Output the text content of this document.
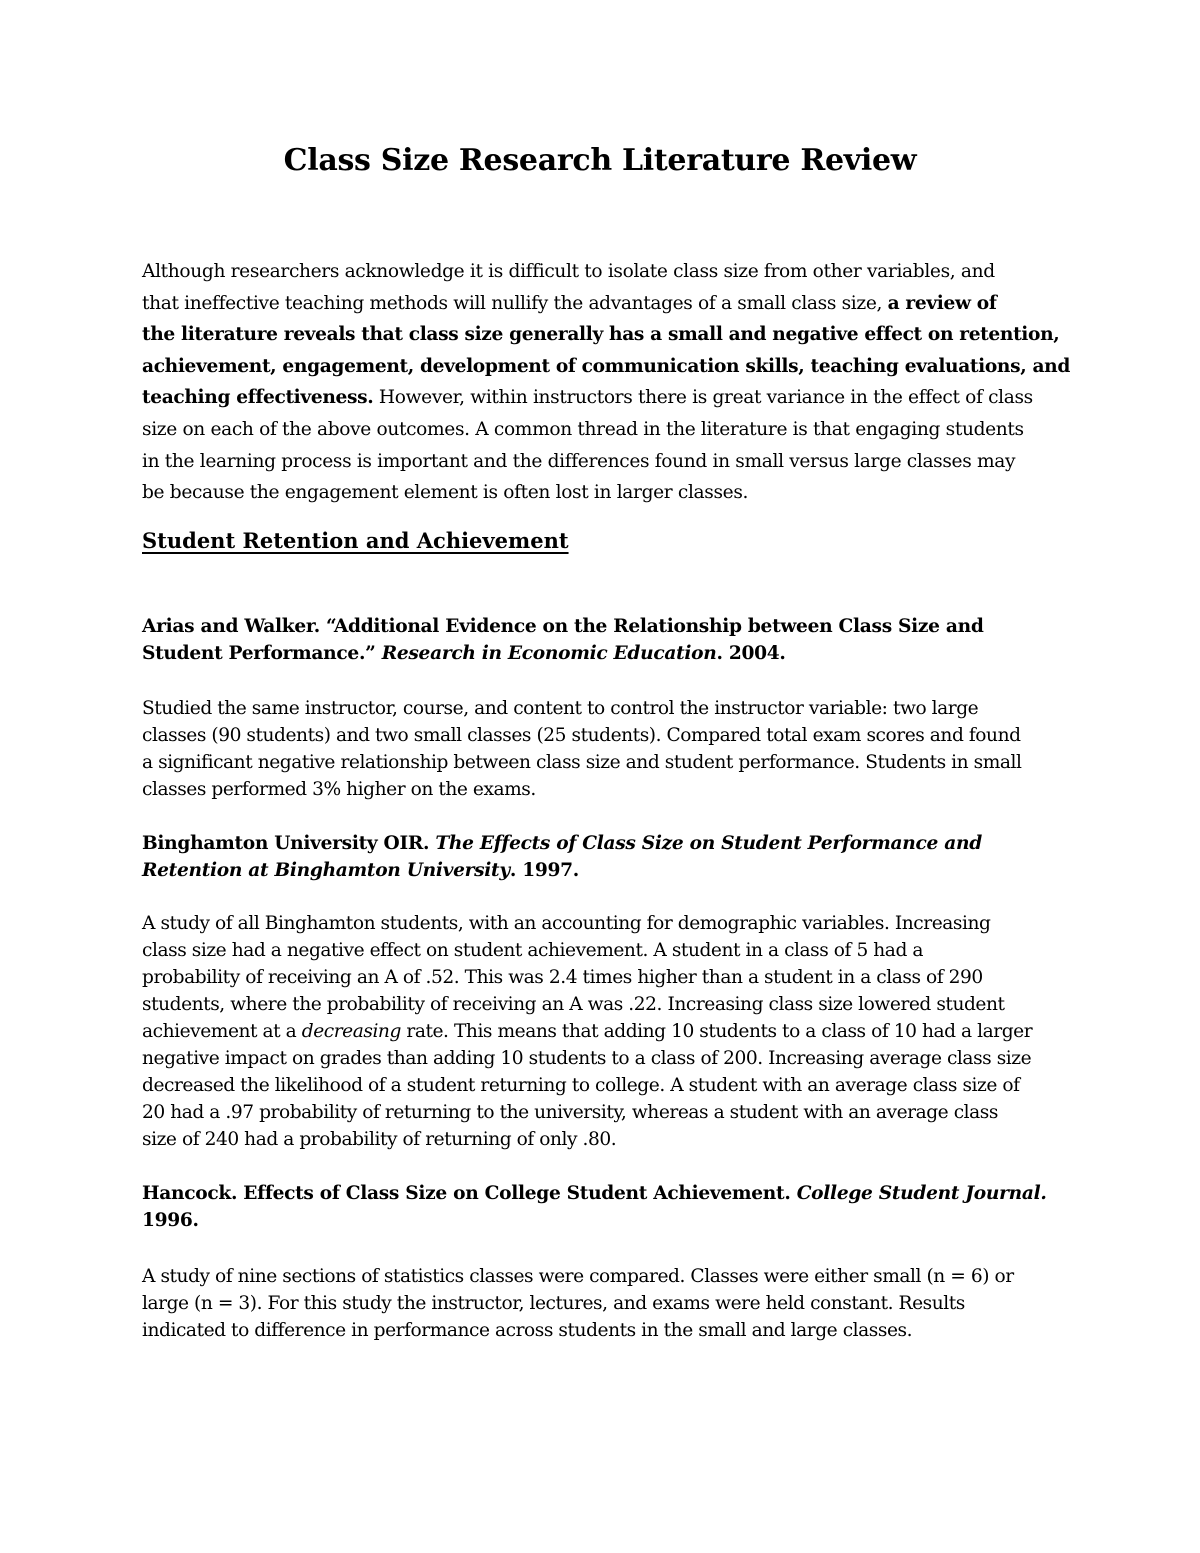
Class Size Research Literature Review
Although researchers acknowledge it is difficult to isolate class size from other variables, and
that ineffective teaching methods will nullify the advantages of a small class size, a review of
the literature reveals that class size generally has a small and negative effect on retention,
achievement, engagement, development of communication skills, teaching evaluations, and
teaching effectiveness. However, within instructors there is great variance in the effect of class
size on each of the above outcomes. A common thread in the literature is that engaging students
in the learning process is important and the differences found in small versus large classes may
be because the engagement element is often lost in larger classes.
Student Retention and Achievement
Arias and Walker. “Additional Evidence on the Relationship between Class Size and
Student Performance.” Research in Economic Education. 2004.
Studied the same instructor, course, and content to control the instructor variable: two large
classes (90 students) and two small classes (25 students). Compared total exam scores and found
a significant negative relationship between class size and student performance. Students in small
classes performed 3% higher on the exams.
Binghamton University OIR. The Effects of Class Size on Student Performance and
Retention at Binghamton University. 1997.
A study of all Binghamton students, with an accounting for demographic variables. Increasing
class size had a negative effect on student achievement. A student in a class of 5 had a
probability of receiving an A of .52. This was 2.4 times higher than a student in a class of 290
students, where the probability of receiving an A was .22. Increasing class size lowered student
achievement at a decreasing rate. This means that adding 10 students to a class of 10 had a larger
negative impact on grades than adding 10 students to a class of 200. Increasing average class size
decreased the likelihood of a student returning to college. A student with an average class size of
20 had a .97 probability of returning to the university, whereas a student with an average class
size of 240 had a probability of returning of only .80.
Hancock. Effects of Class Size on College Student Achievement. College Student Journal.
1996.
A study of nine sections of statistics classes were compared. Classes were either small (n = 6) or
large (n = 3). For this study the instructor, lectures, and exams were held constant. Results
indicated to difference in performance across students in the small and large classes.
